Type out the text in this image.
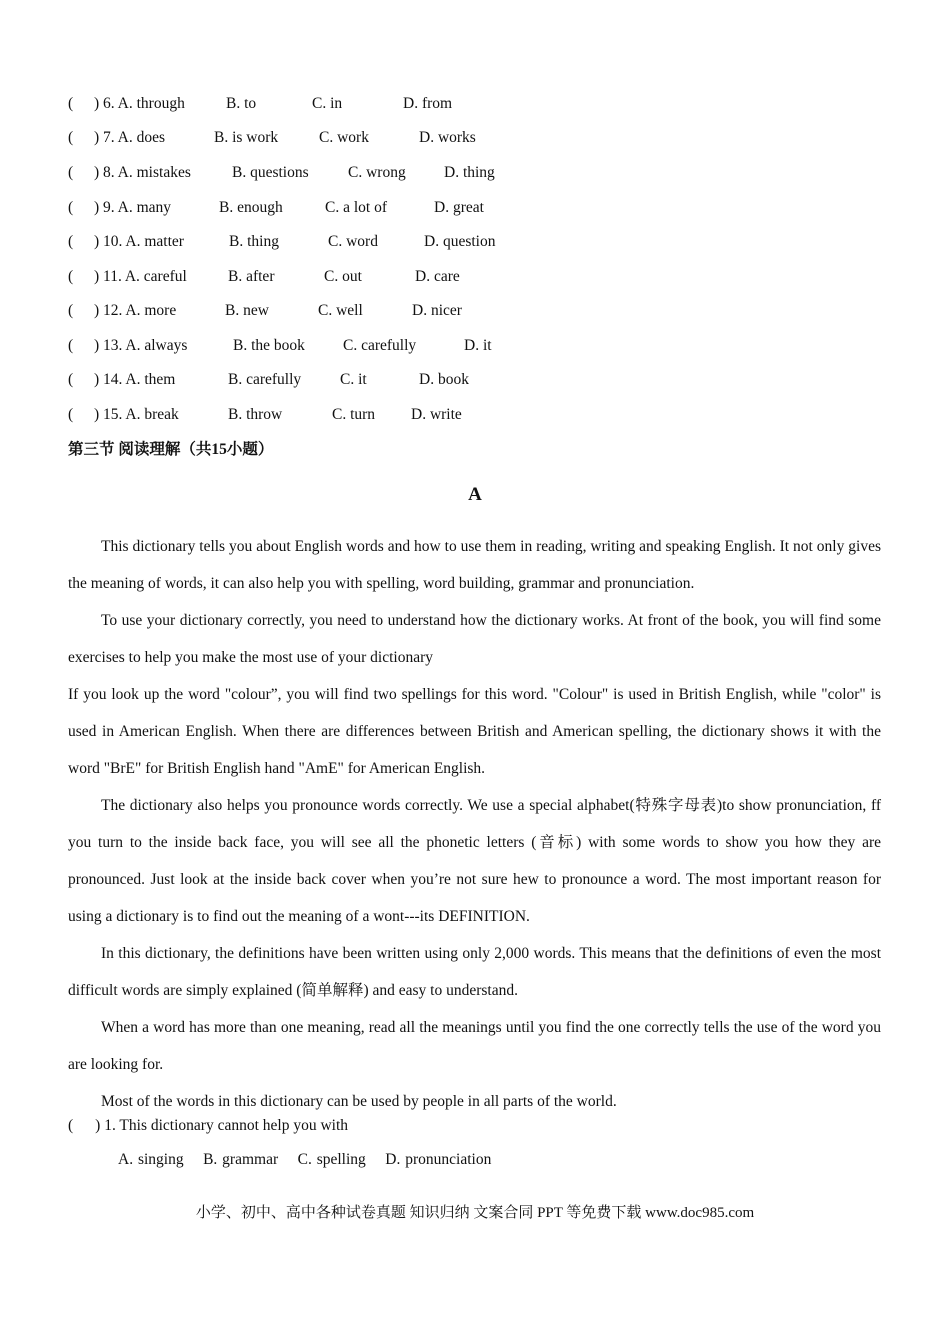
( ) 6. A. through	B. to	C. in	D. from
( ) 7. A. does	B. is work	C. work	D. works
( ) 8. A. mistakes	B. questions	C. wrong D. thing
( ) 9. A. many	B. enough	C. a lot of	D. great
( ) 10. A. matter	B. thing	C. word	D. question
( ) 11. A. careful	B. after	C. out	D. care
( ) 12. A. more	B. new	C. well	D. nicer
( ) 13. A. always	B. the book C. carefully	D. it
( ) 14. A. them	B. carefully	C. it	D. book
( ) 15. A. break	B. throw	C. turn D. write
第三节 阅读理解（共15小题）
A

This dictionary tells you about English words and how to use them in reading, writing and speaking English. It not only gives the meaning of words, it can also help you with spelling, word building, grammar and pronunciation.

To use your dictionary correctly, you need to understand how the dictionary works. At front of the book, you will find some exercises to help you make the most use of your dictionary

If you look up the word "colour”, you will find two spellings for this word. "Colour" is used in British English, while "color" is used in American English. When there are differences between British and American spelling, the dictionary shows it with the word "BrE" for British English hand "AmE" for American English.

The dictionary also helps you pronounce words correctly. We use a special alphabet(特殊字母表)to show pronunciation, ff you turn to the inside back face, you will see all the phonetic letters (音标) with some words to show you how they are pronounced. Just look at the inside back cover when you’re not sure hew to pronounce a word. The most important reason for using a dictionary is to find out the meaning of a wont---its DEFINITION.

In this dictionary, the definitions have been written using only 2,000 words. This means that the definitions of even the most difficult words are simply explained (简单解释) and easy to understand.

When a word has more than one meaning, read all the meanings until you find the one correctly tells the use of the word you are looking for.

Most of the words in this dictionary can be used by people in all parts of the world.

( ) 1. This dictionary cannot help you with
A. singing    B. grammar    C. spelling    D. pronunciation
小学、初中、高中各种试卷真题 知识归纳 文案合同 PPT 等免费下载 www.doc985.com
